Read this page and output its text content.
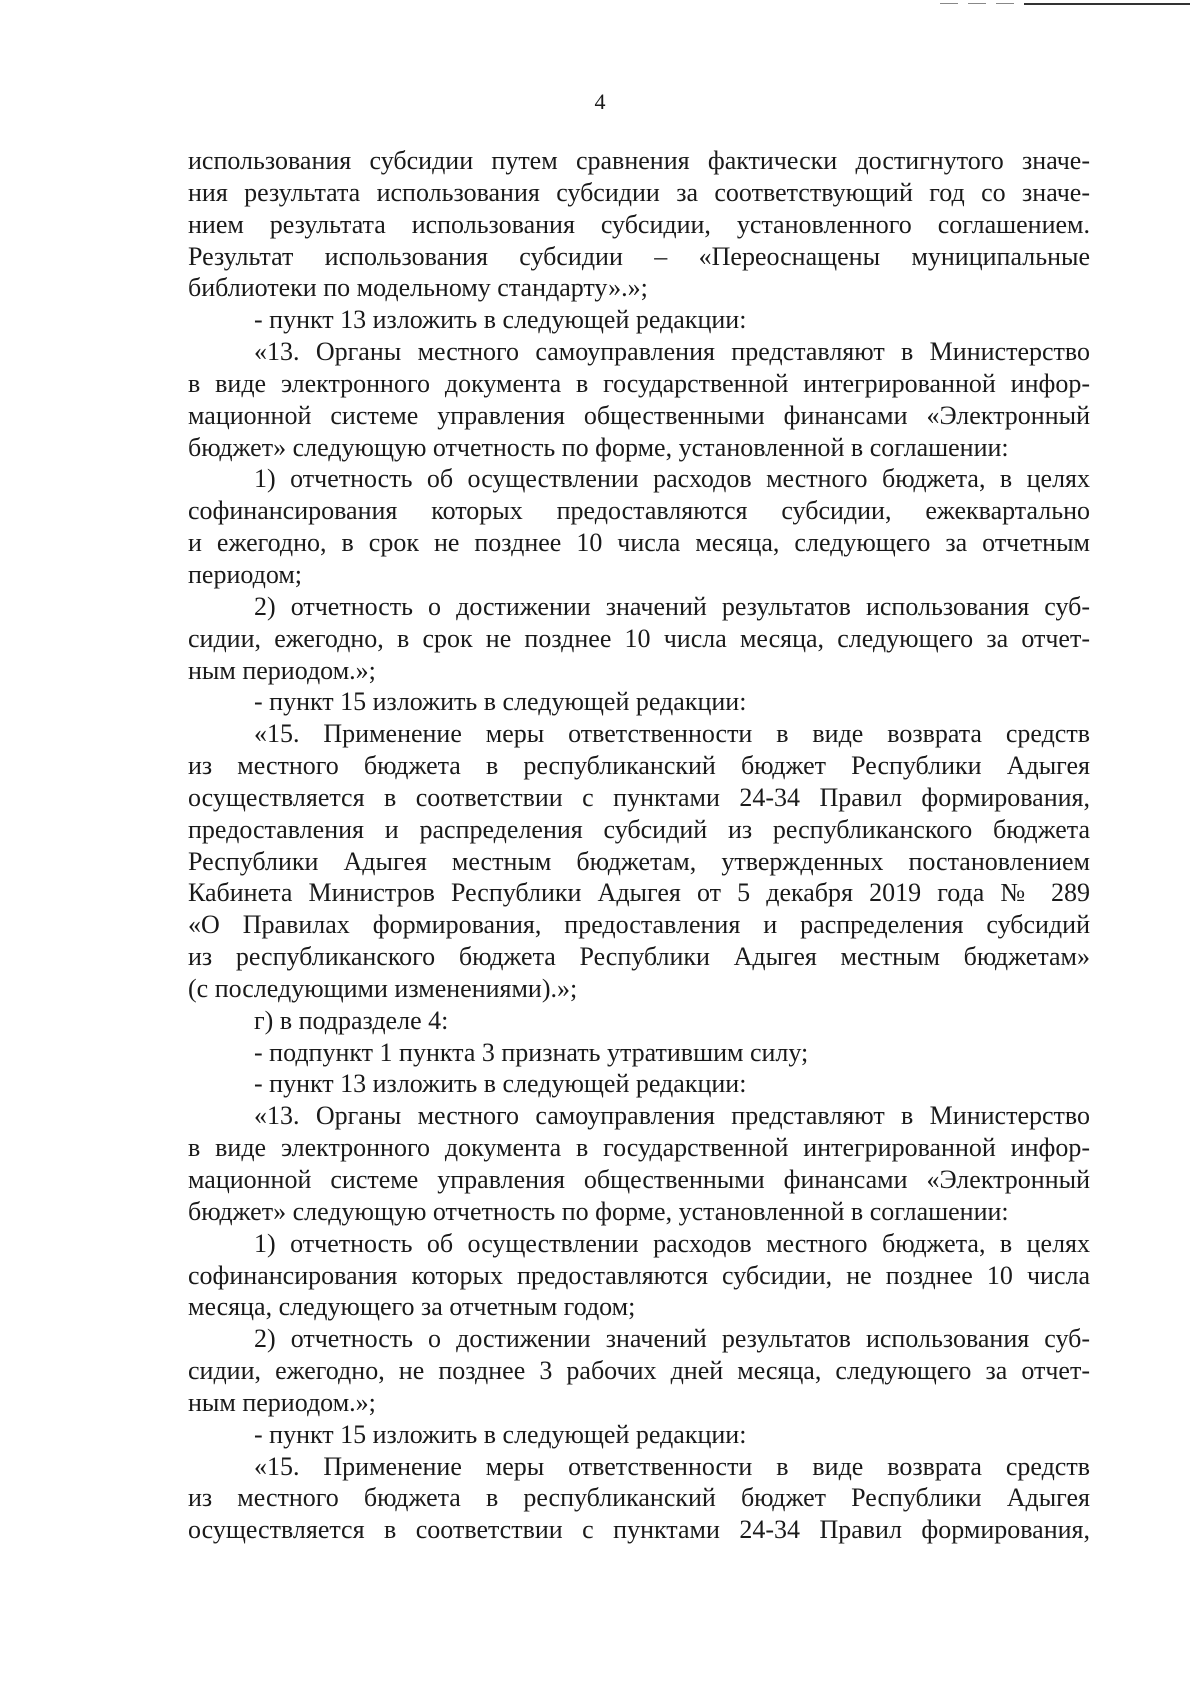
4
использования субсидии путем сравнения фактически достигнутого значе-
ния результата использования субсидии за соответствующий год со значе-
нием результата использования субсидии, установленного соглашением.
Результат использования субсидии – «Переоснащены муниципальные
библиотеки по модельному стандарту».»;
- пункт 13 изложить в следующей редакции:
«13. Органы местного самоуправления представляют в Министерство
в виде электронного документа в государственной интегрированной инфор-
мационной системе управления общественными финансами «Электронный
бюджет» следующую отчетность по форме, установленной в соглашении:
1) отчетность об осуществлении расходов местного бюджета, в целях
софинансирования которых предоставляются субсидии, ежеквартально
и ежегодно, в срок не позднее 10 числа месяца, следующего за отчетным
периодом;
2) отчетность о достижении значений результатов использования суб-
сидии, ежегодно, в срок не позднее 10 числа месяца, следующего за отчет-
ным периодом.»;
- пункт 15 изложить в следующей редакции:
«15. Применение меры ответственности в виде возврата средств
из местного бюджета в республиканский бюджет Республики Адыгея
осуществляется в соответствии с пунктами 24-34 Правил формирования,
предоставления и распределения субсидий из республиканского бюджета
Республики Адыгея местным бюджетам, утвержденных постановлением
Кабинета Министров Республики Адыгея от 5 декабря 2019 года № 289
«О Правилах формирования, предоставления и распределения субсидий
из республиканского бюджета Республики Адыгея местным бюджетам»
(с последующими изменениями).»;
г) в подразделе 4:
- подпункт 1 пункта 3 признать утратившим силу;
- пункт 13 изложить в следующей редакции:
«13. Органы местного самоуправления представляют в Министерство
в виде электронного документа в государственной интегрированной инфор-
мационной системе управления общественными финансами «Электронный
бюджет» следующую отчетность по форме, установленной в соглашении:
1) отчетность об осуществлении расходов местного бюджета, в целях
софинансирования которых предоставляются субсидии, не позднее 10 числа
месяца, следующего за отчетным годом;
2) отчетность о достижении значений результатов использования суб-
сидии, ежегодно, не позднее 3 рабочих дней месяца, следующего за отчет-
ным периодом.»;
- пункт 15 изложить в следующей редакции:
«15. Применение меры ответственности в виде возврата средств
из местного бюджета в республиканский бюджет Республики Адыгея
осуществляется в соответствии с пунктами 24-34 Правил формирования,
